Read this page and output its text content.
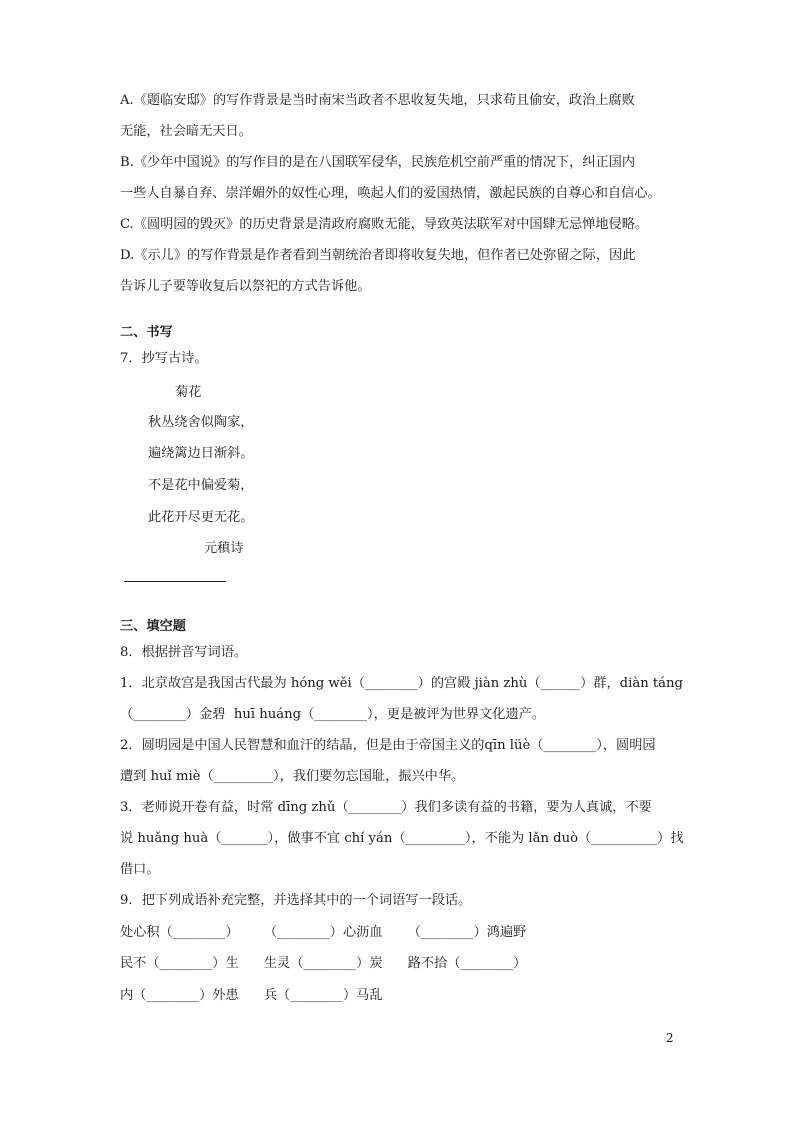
A.《题临安邸》的写作背景是当时南宋当政者不思收复失地，只求苟且偷安，政治上腐败
无能，社会暗无天日。
B.《少年中国说》的写作目的是在八国联军侵华，民族危机空前严重的情况下，纠正国内
一些人自暴自弃、崇洋媚外的奴性心理，唤起人们的爱国热情，激起民族的自尊心和自信心。
C.《圆明园的毁灭》的历史背景是清政府腐败无能，导致英法联军对中国肆无忌惮地侵略。
D.《示儿》的写作背景是作者看到当朝统治者即将收复失地，但作者已处弥留之际，因此
告诉儿子要等收复后以祭祀的方式告诉他。
二、书写
7．抄写古诗。
菊花
秋丛绕舍似陶家，
遍绕篱边日渐斜。
不是花中偏爱菊，
此花开尽更无花。
元稹诗
三、填空题
8．根据拼音写词语。
1．北京故宫是我国古代最为 hóng wěi（________）的宫殿 jiàn zhù（______）群，diàn táng
（________）金碧  huī huáng（________），更是被评为世界文化遗产。
2．圆明园是中国人民智慧和血汗的结晶，但是由于帝国主义的qīn lüè（________），圆明园
遭到 huǐ miè（_________），我们要勿忘国耻，振兴中华。
3．老师说开卷有益，时常 dīng zhǔ（________）我们多读有益的书籍，要为人真诚，不要
说 huǎng huà（_______），做事不宜 chí yán（_________），不能为 lǎn duò（__________）找
借口。
9．把下列成语补充完整，并选择其中的一个词语写一段话。
处心积（________）      （________）心沥血      （________）鸿遍野
民不（________）生      生灵（________）炭      路不拾（________）
内（________）外患      兵（________）马乱
2
